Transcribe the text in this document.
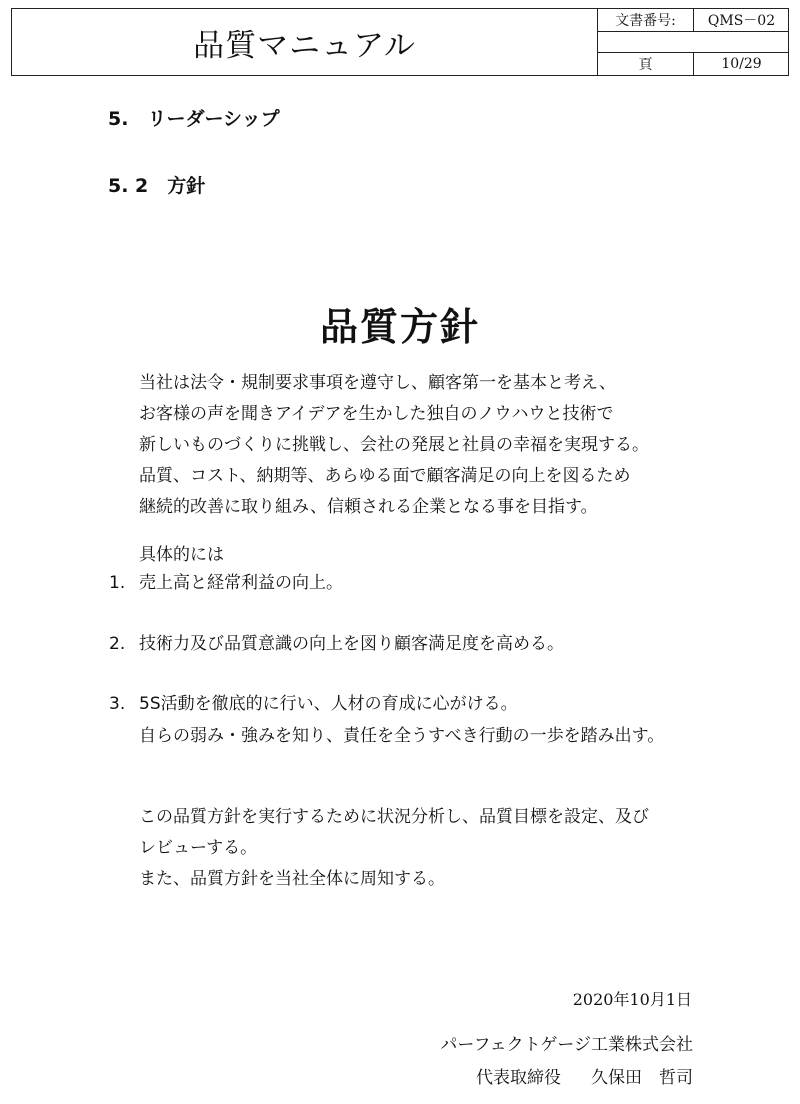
品質マニュアル
文書番号:	QMS－02
頁	10/29
5.　リーダーシップ
5. 2　方針
品質方針
当社は法令・規制要求事項を遵守し、顧客第一を基本と考え、
お客様の声を聞きアイデアを生かした独自のノウハウと技術で
新しいものづくりに挑戦し、会社の発展と社員の幸福を実現する。
品質、コスト、納期等、あらゆる面で顧客満足の向上を図るため
継続的改善に取り組み、信頼される企業となる事を目指す。
具体的には
1. 売上高と経常利益の向上。
2. 技術力及び品質意識の向上を図り顧客満足度を高める。
3. 5S活動を徹底的に行い、人材の育成に心がける。
自らの弱み・強みを知り、責任を全うすべき行動の一歩を踏み出す。
この品質方針を実行するために状況分析し、品質目標を設定、及び
レビューする。
また、品質方針を当社全体に周知する。
2020年10月1日
パーフェクトゲージ工業株式会社
代表取締役 久保田　哲司
